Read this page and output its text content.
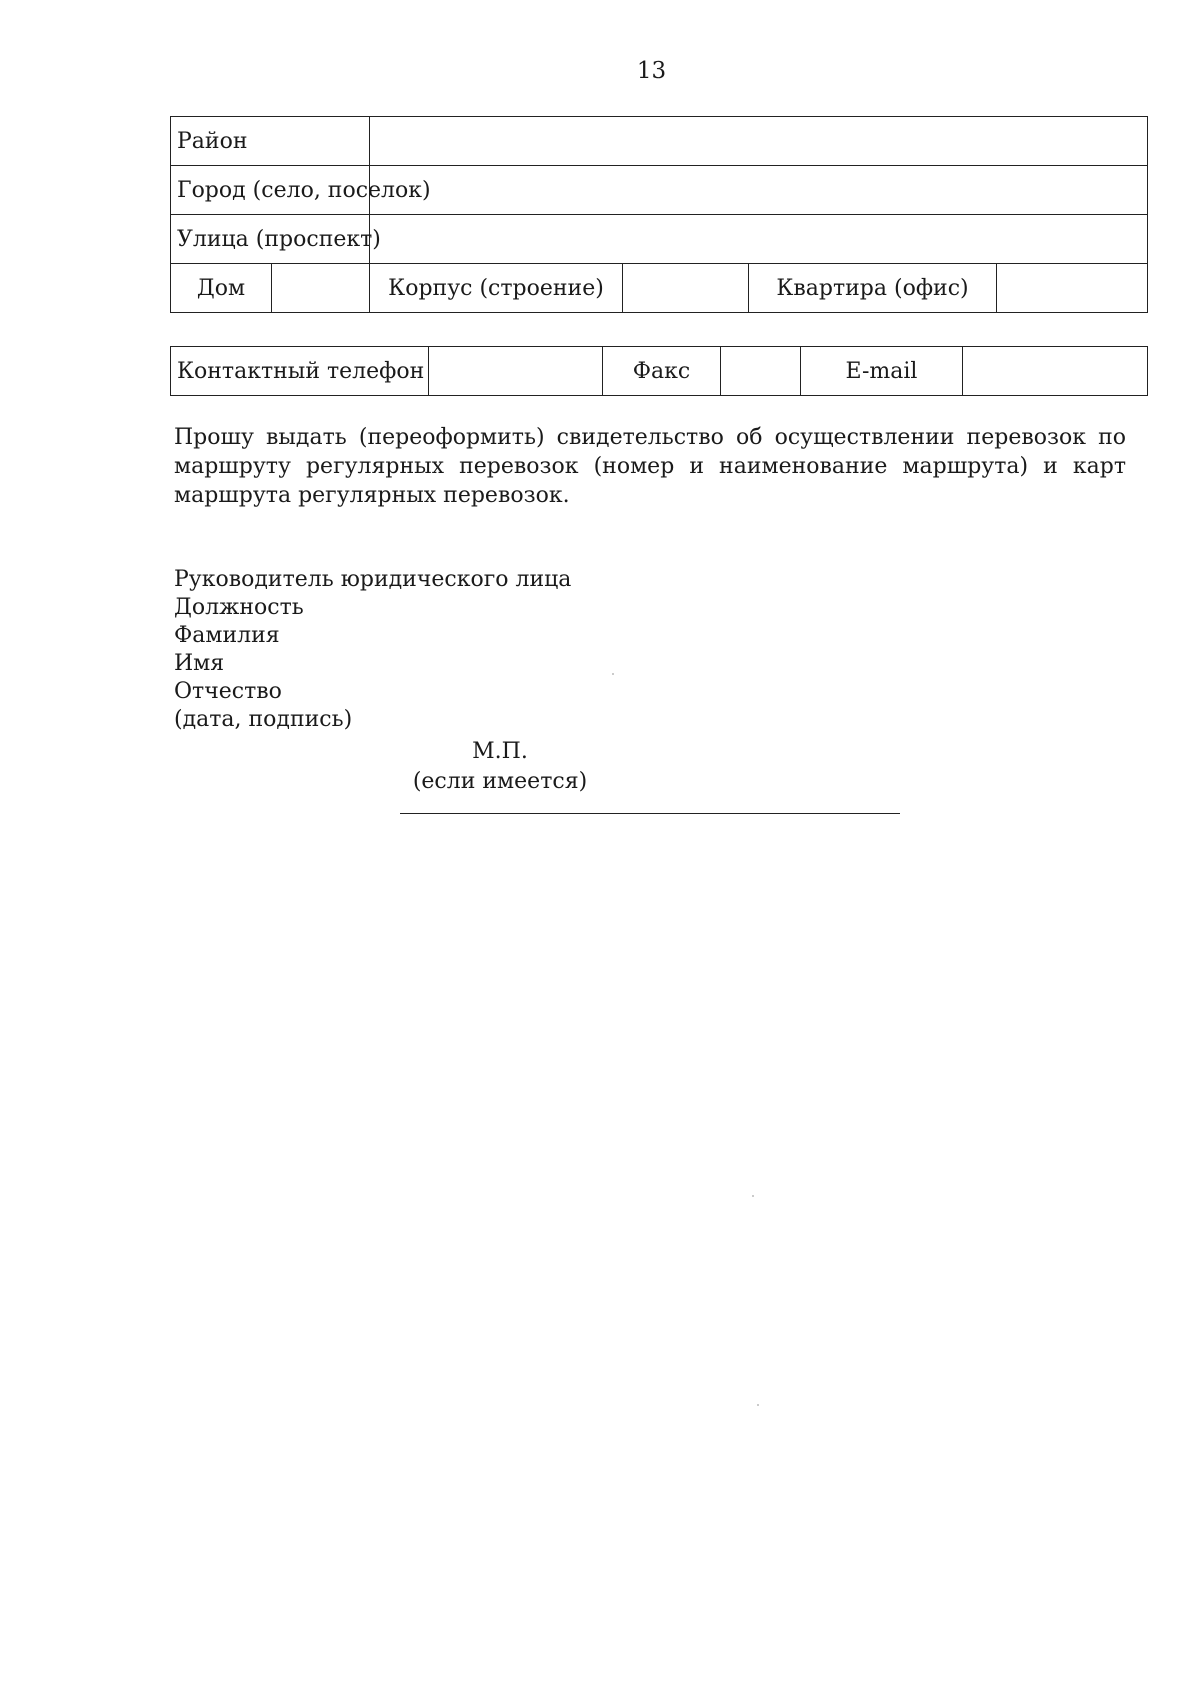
13
Район					
Город (село, поселок)					
Улица (проспект)					
Дом		Корпус (строение)		Квартира (офис)	
Контактный телефон		Факс		E-mail	
Прошу выдать (переоформить) свидетельство об осуществлении перевозок по маршруту регулярных перевозок (номер и наименование маршрута) и карт маршрута регулярных перевозок.
Руководитель юридического лица
Должность
Фамилия
Имя
Отчество
(дата, подпись)
М.П.
(если имеется)
